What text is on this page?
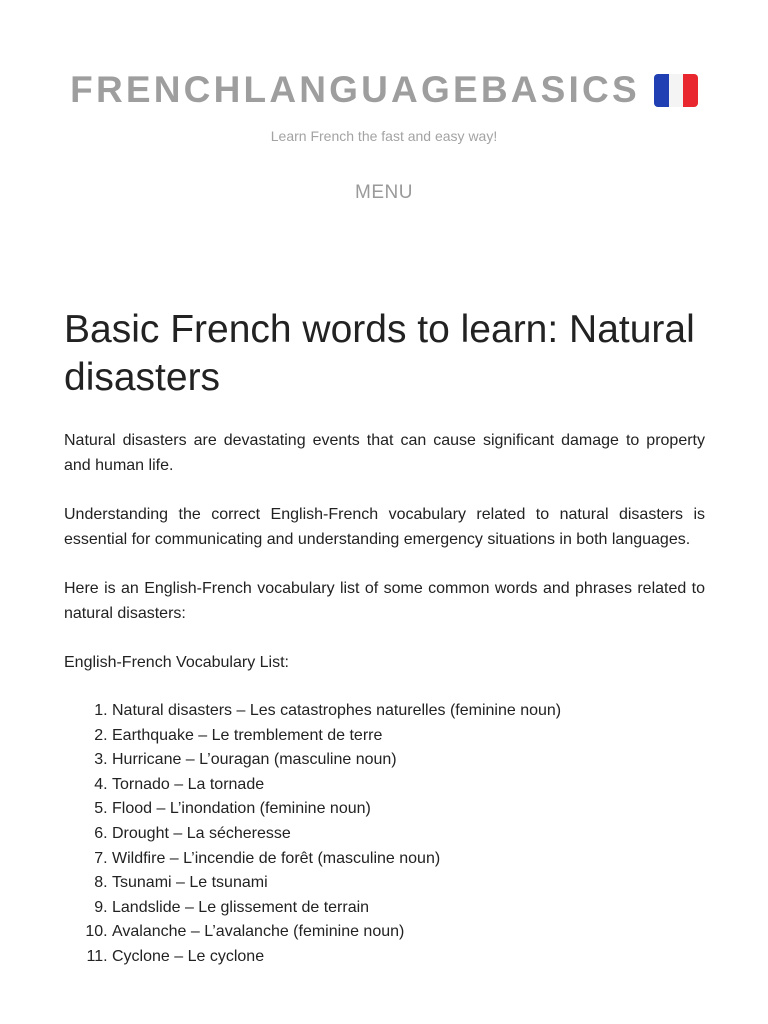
FRENCHLANGUAGEBASICS
Learn French the fast and easy way!
MENU
Basic French words to learn: Natural disasters

Natural disasters are devastating events that can cause significant damage to property and human life.

Understanding the correct English-French vocabulary related to natural disasters is essential for communicating and understanding emergency situations in both languages.

Here is an English-French vocabulary list of some common words and phrases related to natural disasters:

English-French Vocabulary List:

1. Natural disasters – Les catastrophes naturelles (feminine noun)
2. Earthquake – Le tremblement de terre
3. Hurricane – L’ouragan (masculine noun)
4. Tornado – La tornade
5. Flood – L’inondation (feminine noun)
6. Drought – La sécheresse
7. Wildfire – L’incendie de forêt (masculine noun)
8. Tsunami – Le tsunami
9. Landslide – Le glissement de terrain
10. Avalanche – L’avalanche (feminine noun)
11. Cyclone – Le cyclone
